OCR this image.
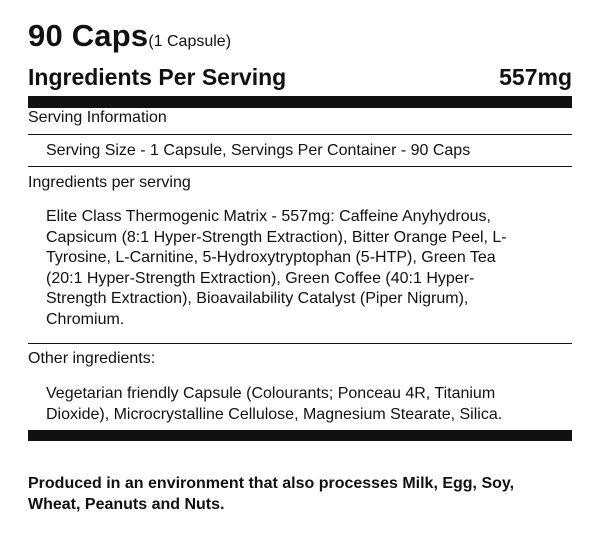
90 Caps(1 Capsule)
Ingredients Per Serving	557mg
Serving Information
Serving Size - 1 Capsule, Servings Per Container - 90 Caps
Ingredients per serving
Elite Class Thermogenic Matrix - 557mg: Caffeine Anyhydrous,
Capsicum (8:1 Hyper-Strength Extraction), Bitter Orange Peel, L-
Tyrosine, L-Carnitine, 5-Hydroxytryptophan (5-HTP), Green Tea
(20:1 Hyper-Strength Extraction), Green Coffee (40:1 Hyper-
Strength Extraction), Bioavailability Catalyst (Piper Nigrum),
Chromium.
Other ingredients:
Vegetarian friendly Capsule (Colourants; Ponceau 4R, Titanium
Dioxide), Microcrystalline Cellulose, Magnesium Stearate, Silica.
Produced in an environment that also processes Milk, Egg, Soy,
Wheat, Peanuts and Nuts.
